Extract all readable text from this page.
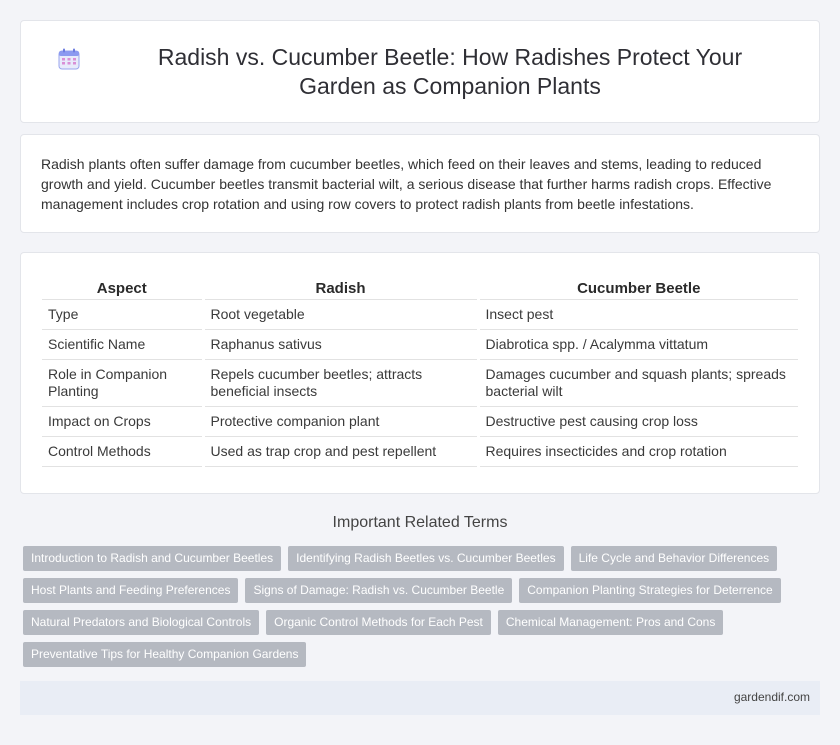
Radish vs. Cucumber Beetle: How Radishes Protect Your Garden as Companion Plants

Radish plants often suffer damage from cucumber beetles, which feed on their leaves and stems, leading to reduced growth and yield. Cucumber beetles transmit bacterial wilt, a serious disease that further harms radish crops. Effective management includes crop rotation and using row covers to protect radish plants from beetle infestations.

Aspect	Radish	Cucumber Beetle
Type	Root vegetable	Insect pest
Scientific Name	Raphanus sativus	Diabrotica spp. / Acalymma vittatum
Role in Companion Planting	Repels cucumber beetles; attracts beneficial insects	Damages cucumber and squash plants; spreads bacterial wilt
Impact on Crops	Protective companion plant	Destructive pest causing crop loss
Control Methods	Used as trap crop and pest repellent	Requires insecticides and crop rotation
Important Related Terms
Introduction to Radish and Cucumber Beetles	Identifying Radish Beetles vs. Cucumber Beetles	Life Cycle and Behavior Differences
Host Plants and Feeding Preferences	Signs of Damage: Radish vs. Cucumber Beetle	Companion Planting Strategies for Deterrence
Natural Predators and Biological Controls	Organic Control Methods for Each Pest	Chemical Management: Pros and Cons
Preventative Tips for Healthy Companion Gardens
gardendif.com
